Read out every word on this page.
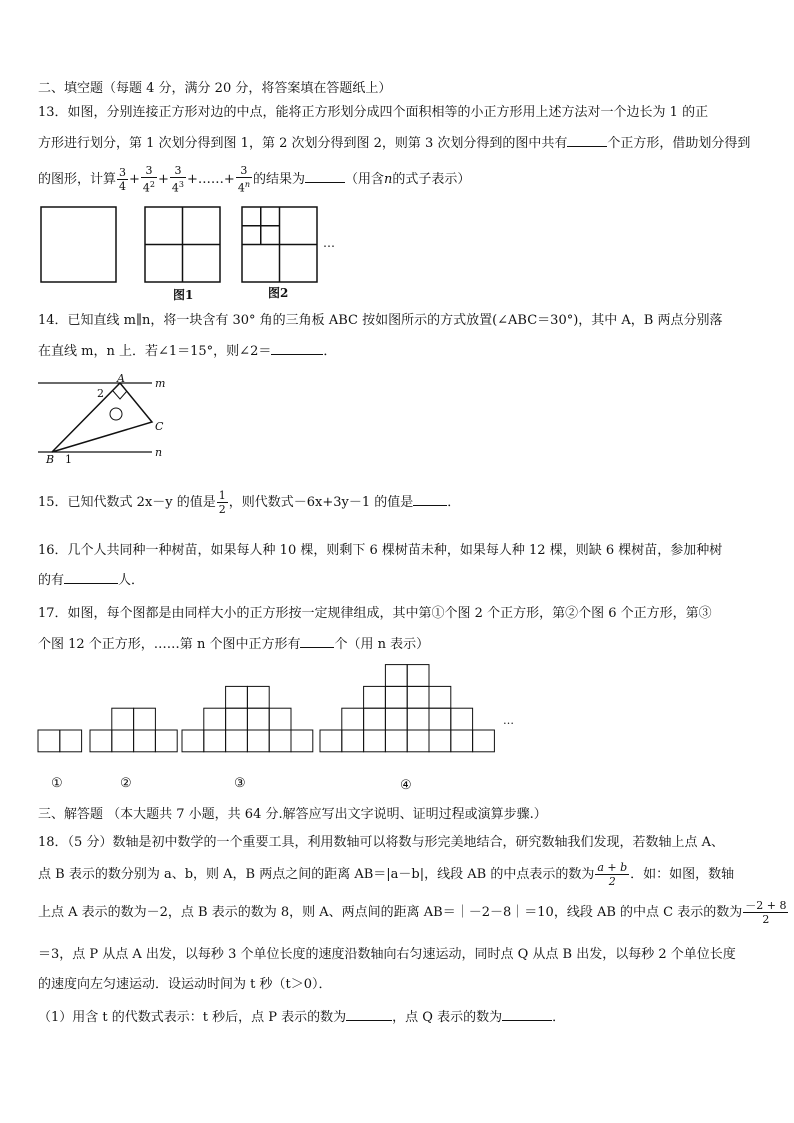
二、填空题（每题 4 分，满分 20 分，将答案填在答题纸上）
13．如图，分别连接正方形对边的中点，能将正方形划分成四个面积相等的小正方形用上述方法对一个边长为 1 的正
方形进行划分，第 1 次划分得到图 1，第 2 次划分得到图 2，则第 3 次划分得到的图中共有	个正方形，借助划分得到
的图形，计算 $\frac{3}{4} + \frac{3}{4^2} + \frac{3}{4^3}$ +……+ $\frac{3}{4^n}$ 的结果为	（用含n的式子表示）
图1	图2
…
14．已知直线 m∥n，将一块含有 30° 角的三角板 ABC 按如图所示的方式放置(∠ABC＝30°)，其中 A，B 两点分别落
在直线 m，n 上．若∠1＝15°，则∠2＝	．
A	m
2
C
n
B 1
15．已知代数式 2x－y 的值是 $\frac{1}{2}$ ，则代数式－6x+3y－1 的值是	．
16．几个人共同种一种树苗，如果每人种 10 棵，则剩下 6 棵树苗未种，如果每人种 12 棵，则缺 6 棵树苗，参加种树
的有	人．
17．如图，每个图都是由同样大小的正方形按一定规律组成，其中第①个图 2 个正方形，第②个图 6 个正方形，第③
个图 12 个正方形，……第 n 个图中正方形有	个（用 n 表示）
①	②	③	④
…
三、解答题 （本大题共 7 小题，共 64 分.解答应写出文字说明、证明过程或演算步骤.）
18．（5 分）数轴是初中数学的一个重要工具，利用数轴可以将数与形完美地结合，研究数轴我们发现，若数轴上点 A、
点 B 表示的数分别为 a、b，则 A，B 两点之间的距离 AB＝|a－b|，线段 AB 的中点表示的数为 $\frac{a + b}{2}$ ．如：如图，数轴
上点 A 表示的数为－2，点 B 表示的数为 8，则 A、两点间的距离 AB＝｜－2－8｜＝10，线段 AB 的中点 C 表示的数为 $\frac{-2 + 8}{2}$
＝3，点 P 从点 A 出发，以每秒 3 个单位长度的速度沿数轴向右匀速运动，同时点 Q 从点 B 出发，以每秒 2 个单位长度
的速度向左匀速运动．设运动时间为 t 秒（t＞0）．
（1）用含 t 的代数式表示：t 秒后，点 P 表示的数为	，点 Q 表示的数为	．
